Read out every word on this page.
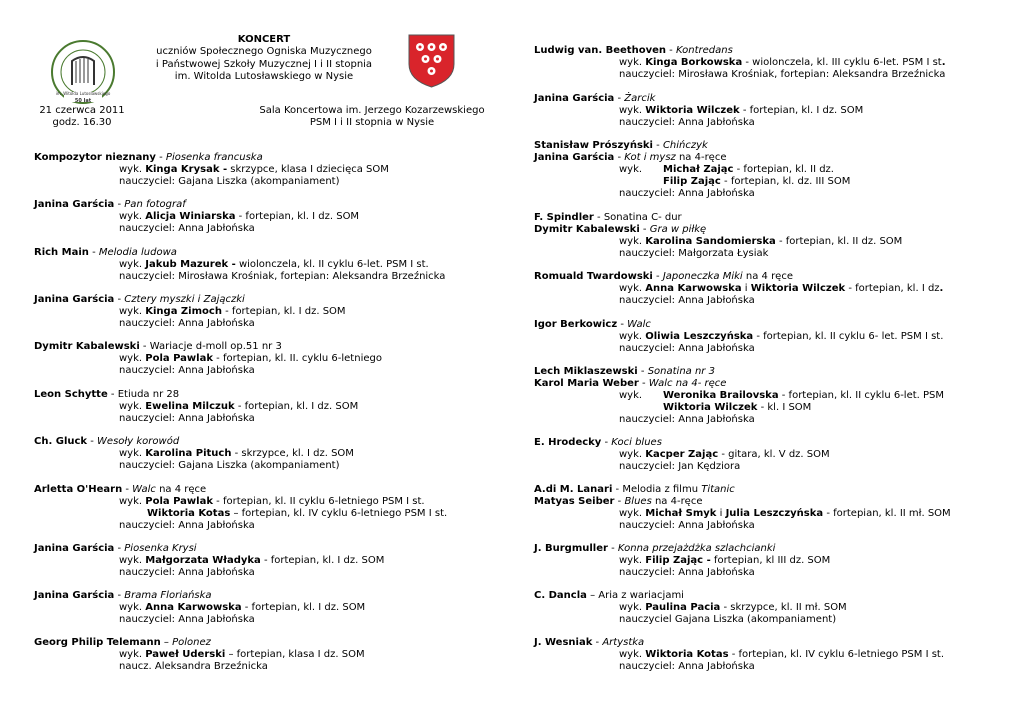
im. Witolda Lutosławskiego
50 lat
KONCERT
uczniów Społecznego Ogniska Muzycznego
i Państwowej Szkoły Muzycznej I i II stopnia
im. Witolda Lutosławskiego w Nysie
21 czerwca 2011
godz. 16.30
Sala Koncertowa im. Jerzego Kozarzewskiego
PSM I i II stopnia w Nysie
Kompozytor nieznany - Piosenka francuska
wyk. Kinga Krysak - skrzypce, klasa I dziecięca SOM
nauczyciel: Gajana Liszka (akompaniament)
Janina Garścia - Pan fotograf
wyk. Alicja Winiarska - fortepian, kl. I dz. SOM
nauczyciel: Anna Jabłońska
Rich Main - Melodia ludowa
wyk. Jakub Mazurek - wiolonczela, kl. II cyklu 6-let. PSM I st.
nauczyciel: Mirosława Krośniak, fortepian: Aleksandra Brzeźnicka
Janina Garścia - Cztery myszki i Zajączki
wyk. Kinga Zimoch - fortepian, kl. I dz. SOM
nauczyciel: Anna Jabłońska
Dymitr Kabalewski - Wariacje d-moll op.51 nr 3
wyk. Pola Pawlak - fortepian, kl. II. cyklu 6-letniego
nauczyciel: Anna Jabłońska
Leon Schytte - Etiuda nr 28
wyk. Ewelina Milczuk - fortepian, kl. I dz. SOM
nauczyciel: Anna Jabłońska
Ch. Gluck - Wesoły korowód
wyk. Karolina Pituch - skrzypce, kl. I dz. SOM
nauczyciel: Gajana Liszka (akompaniament)
Arletta O'Hearn - Walc na 4 ręce
wyk. Pola Pawlak - fortepian, kl. II cyklu 6-letniego PSM I st.
Wiktoria Kotas – fortepian, kl. IV cyklu 6-letniego PSM I st.
nauczyciel: Anna Jabłońska
Janina Garścia - Piosenka Krysi
wyk. Małgorzata Władyka - fortepian, kl. I dz. SOM
nauczyciel: Anna Jabłońska
Janina Garścia - Brama Floriańska
wyk. Anna Karwowska - fortepian, kl. I dz. SOM
nauczyciel: Anna Jabłońska
Georg Philip Telemann – Polonez
wyk. Paweł Uderski – fortepian, klasa I dz. SOM
naucz. Aleksandra Brzeźnicka
Ludwig van. Beethoven - Kontredans
wyk. Kinga Borkowska - wiolonczela, kl. III cyklu 6-let. PSM I st.
nauczyciel: Mirosława Krośniak, fortepian: Aleksandra Brzeźnicka
Janina Garścia - Żarcik
wyk. Wiktoria Wilczek - fortepian, kl. I dz. SOM
nauczyciel: Anna Jabłońska
Stanisław Prószyński - Chińczyk
Janina Garścia - Kot i mysz na 4-ręce
wyk. Michał Zając - fortepian, kl. II dz.
Filip Zając - fortepian, kl. dz. III SOM
nauczyciel: Anna Jabłońska
F. Spindler - Sonatina C- dur
Dymitr Kabalewski - Gra w piłkę
wyk. Karolina Sandomierska - fortepian, kl. II dz. SOM
nauczyciel: Małgorzata Łysiak
Romuald Twardowski - Japoneczka Miki na 4 ręce
wyk. Anna Karwowska i Wiktoria Wilczek - fortepian, kl. I dz.
nauczyciel: Anna Jabłońska
Igor Berkowicz - Walc
wyk. Oliwia Leszczyńska - fortepian, kl. II cyklu 6- let. PSM I st.
nauczyciel: Anna Jabłońska
Lech Miklaszewski - Sonatina nr 3
Karol Maria Weber - Walc na 4- ręce
wyk. Weronika Brailovska - fortepian, kl. II cyklu 6-let. PSM
Wiktoria Wilczek - kl. I SOM
nauczyciel: Anna Jabłońska
E. Hrodecky - Koci blues
wyk. Kacper Zając - gitara, kl. V dz. SOM
nauczyciel: Jan Kędziora
A.di M. Lanari - Melodia z filmu Titanic
Matyas Seiber - Blues na 4-ręce
wyk. Michał Smyk i Julia Leszczyńska - fortepian, kl. II mł. SOM
nauczyciel: Anna Jabłońska
J. Burgmuller - Konna przejażdżka szlachcianki
wyk. Filip Zając - fortepian, kl III dz. SOM
nauczyciel: Anna Jabłońska
C. Dancla – Aria z wariacjami
wyk. Paulina Pacia - skrzypce, kl. II mł. SOM
nauczyciel Gajana Liszka (akompaniament)
J. Wesniak - Artystka
wyk. Wiktoria Kotas - fortepian, kl. IV cyklu 6-letniego PSM I st.
nauczyciel: Anna Jabłońska
